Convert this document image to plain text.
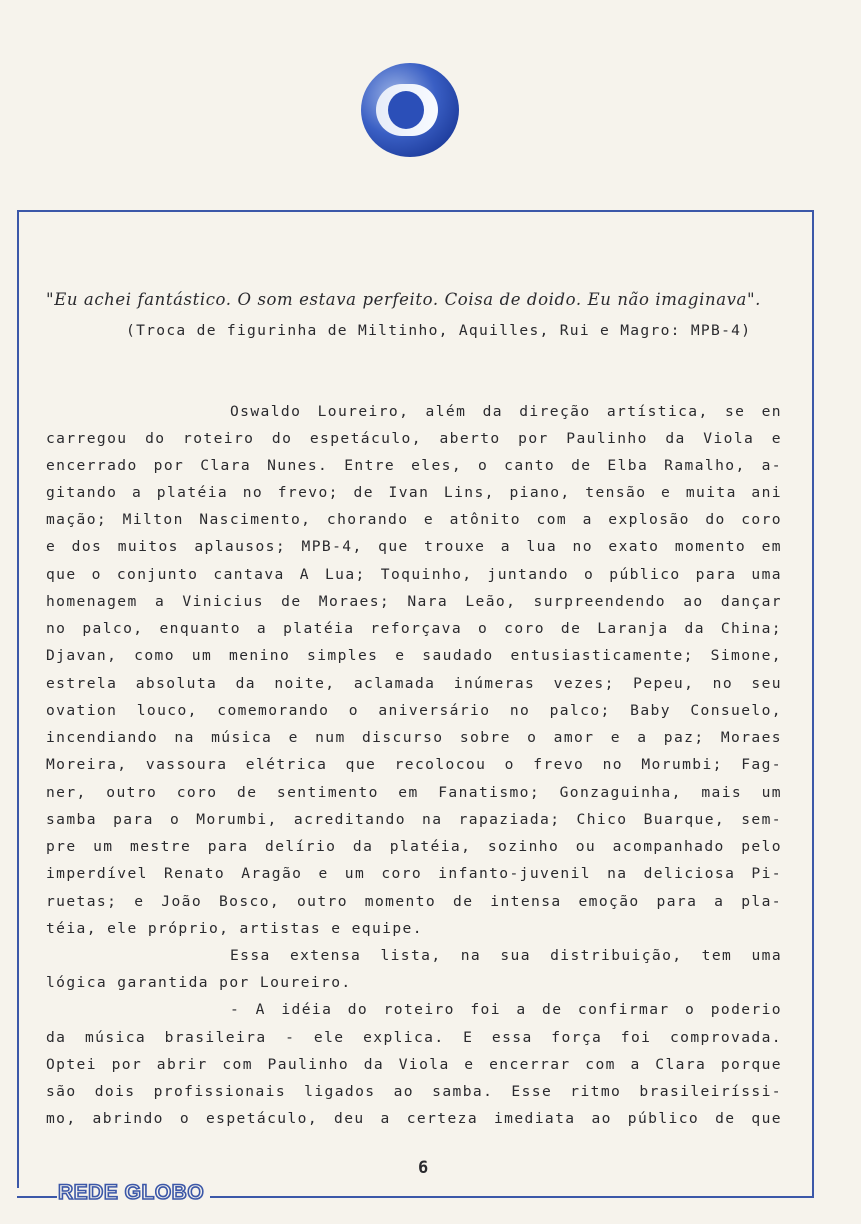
"Eu achei fantástico. O som estava perfeito. Coisa de doido. Eu não imaginava".
(Troca de figurinha de Miltinho, Aquilles, Rui e Magro: MPB-4)
Oswaldo Loureiro, além da direção artística, se en
carregou do roteiro do espetáculo, aberto por Paulinho da Viola e
encerrado por Clara Nunes. Entre eles, o canto de Elba Ramalho, a-
gitando a platéia no frevo; de Ivan Lins, piano, tensão e muita ani
mação; Milton Nascimento, chorando e atônito com a explosão do coro
e dos muitos aplausos; MPB-4, que trouxe a lua no exato momento em
que o conjunto cantava A Lua; Toquinho, juntando o público para uma
homenagem a Vinicius de Moraes; Nara Leão, surpreendendo ao dançar
no palco, enquanto a platéia reforçava o coro de Laranja da China;
Djavan, como um menino simples e saudado entusiasticamente; Simone,
estrela absoluta da noite, aclamada inúmeras vezes; Pepeu, no seu
ovation louco, comemorando o aniversário no palco; Baby Consuelo,
incendiando na música e num discurso sobre o amor e a paz; Moraes
Moreira, vassoura elétrica que recolocou o frevo no Morumbi; Fag-
ner, outro coro de sentimento em Fanatismo; Gonzaguinha, mais um
samba para o Morumbi, acreditando na rapaziada; Chico Buarque, sem-
pre um mestre para delírio da platéia, sozinho ou acompanhado pelo
imperdível Renato Aragão e um coro infanto-juvenil na deliciosa Pi-
ruetas; e João Bosco, outro momento de intensa emoção para a pla-
téia, ele próprio, artistas e equipe.
Essa extensa lista, na sua distribuição, tem uma
lógica garantida por Loureiro.
- A idéia do roteiro foi a de confirmar o poderio
da música brasileira - ele explica. E essa força foi comprovada.
Optei por abrir com Paulinho da Viola e encerrar com a Clara porque
são dois profissionais ligados ao samba. Esse ritmo brasileiríssi-
mo, abrindo o espetáculo, deu a certeza imediata ao público de que
6
REDE GLOBO
